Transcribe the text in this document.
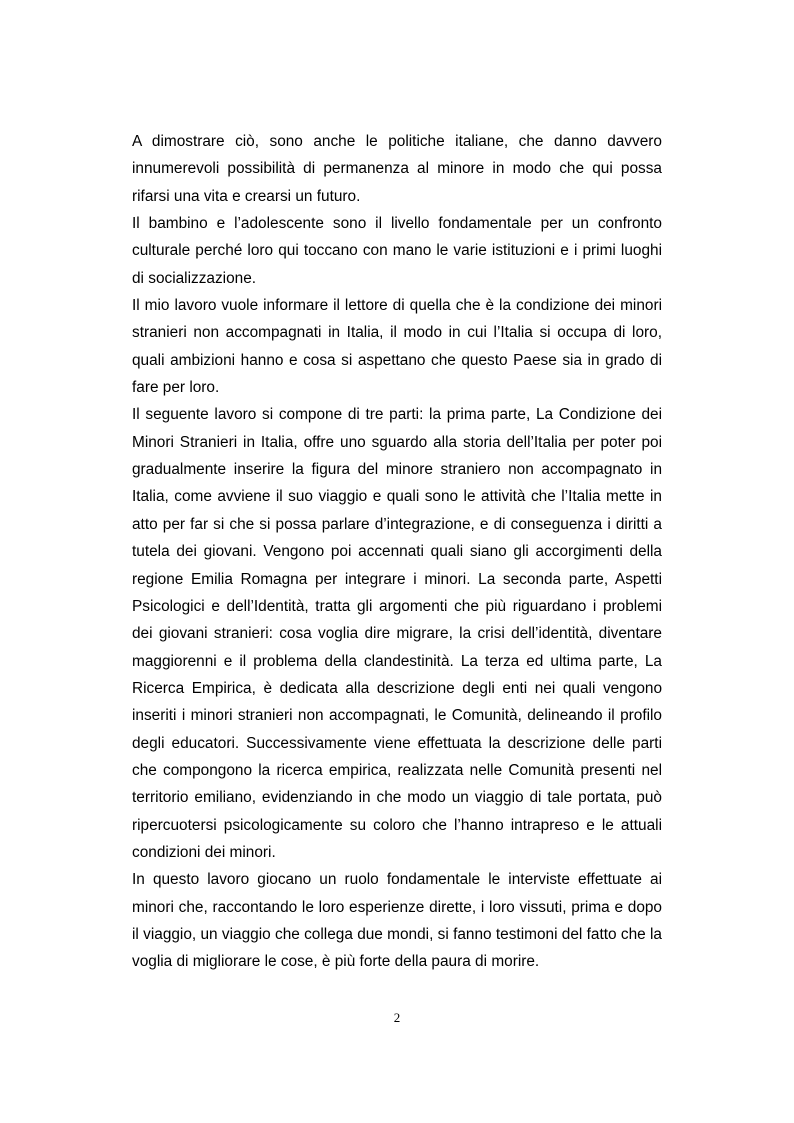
A dimostrare ciò, sono anche le politiche italiane, che danno davvero innumerevoli possibilità di permanenza al minore in modo che qui possa rifarsi una vita e crearsi un futuro.

Il bambino e l’adolescente sono il livello fondamentale per un confronto culturale perché loro qui toccano con mano le varie istituzioni e i primi luoghi di socializzazione.

Il mio lavoro vuole informare il lettore di quella che è la condizione dei minori stranieri non accompagnati in Italia, il modo in cui l’Italia si occupa di loro, quali ambizioni hanno e cosa si aspettano che questo Paese sia in grado di fare per loro.

Il seguente lavoro si compone di tre parti: la prima parte, La Condizione dei Minori Stranieri in Italia, offre uno sguardo alla storia dell’Italia per poter poi gradualmente inserire la figura del minore straniero non accompagnato in Italia, come avviene il suo viaggio e quali sono le attività che l’Italia mette in atto per far si che si possa parlare d’integrazione, e di conseguenza i diritti a tutela dei giovani. Vengono poi accennati quali siano gli accorgimenti della regione Emilia Romagna per integrare i minori. La seconda parte, Aspetti Psicologici e dell’Identità, tratta gli argomenti che più riguardano i problemi dei giovani stranieri: cosa voglia dire migrare, la crisi dell’identità, diventare maggiorenni e il problema della clandestinità. La terza ed ultima parte, La Ricerca Empirica, è dedicata alla descrizione degli enti nei quali vengono inseriti i minori stranieri non accompagnati, le Comunità, delineando il profilo degli educatori. Successivamente viene effettuata la descrizione delle parti che compongono la ricerca empirica, realizzata nelle Comunità presenti nel territorio emiliano, evidenziando in che modo un viaggio di tale portata, può ripercuotersi psicologicamente su coloro che l’hanno intrapreso e le attuali condizioni dei minori.

In questo lavoro giocano un ruolo fondamentale le interviste effettuate ai minori che, raccontando le loro esperienze dirette, i loro vissuti, prima e dopo il viaggio, un viaggio che collega due mondi, si fanno testimoni del fatto che la voglia di migliorare le cose, è più forte della paura di morire.

2
